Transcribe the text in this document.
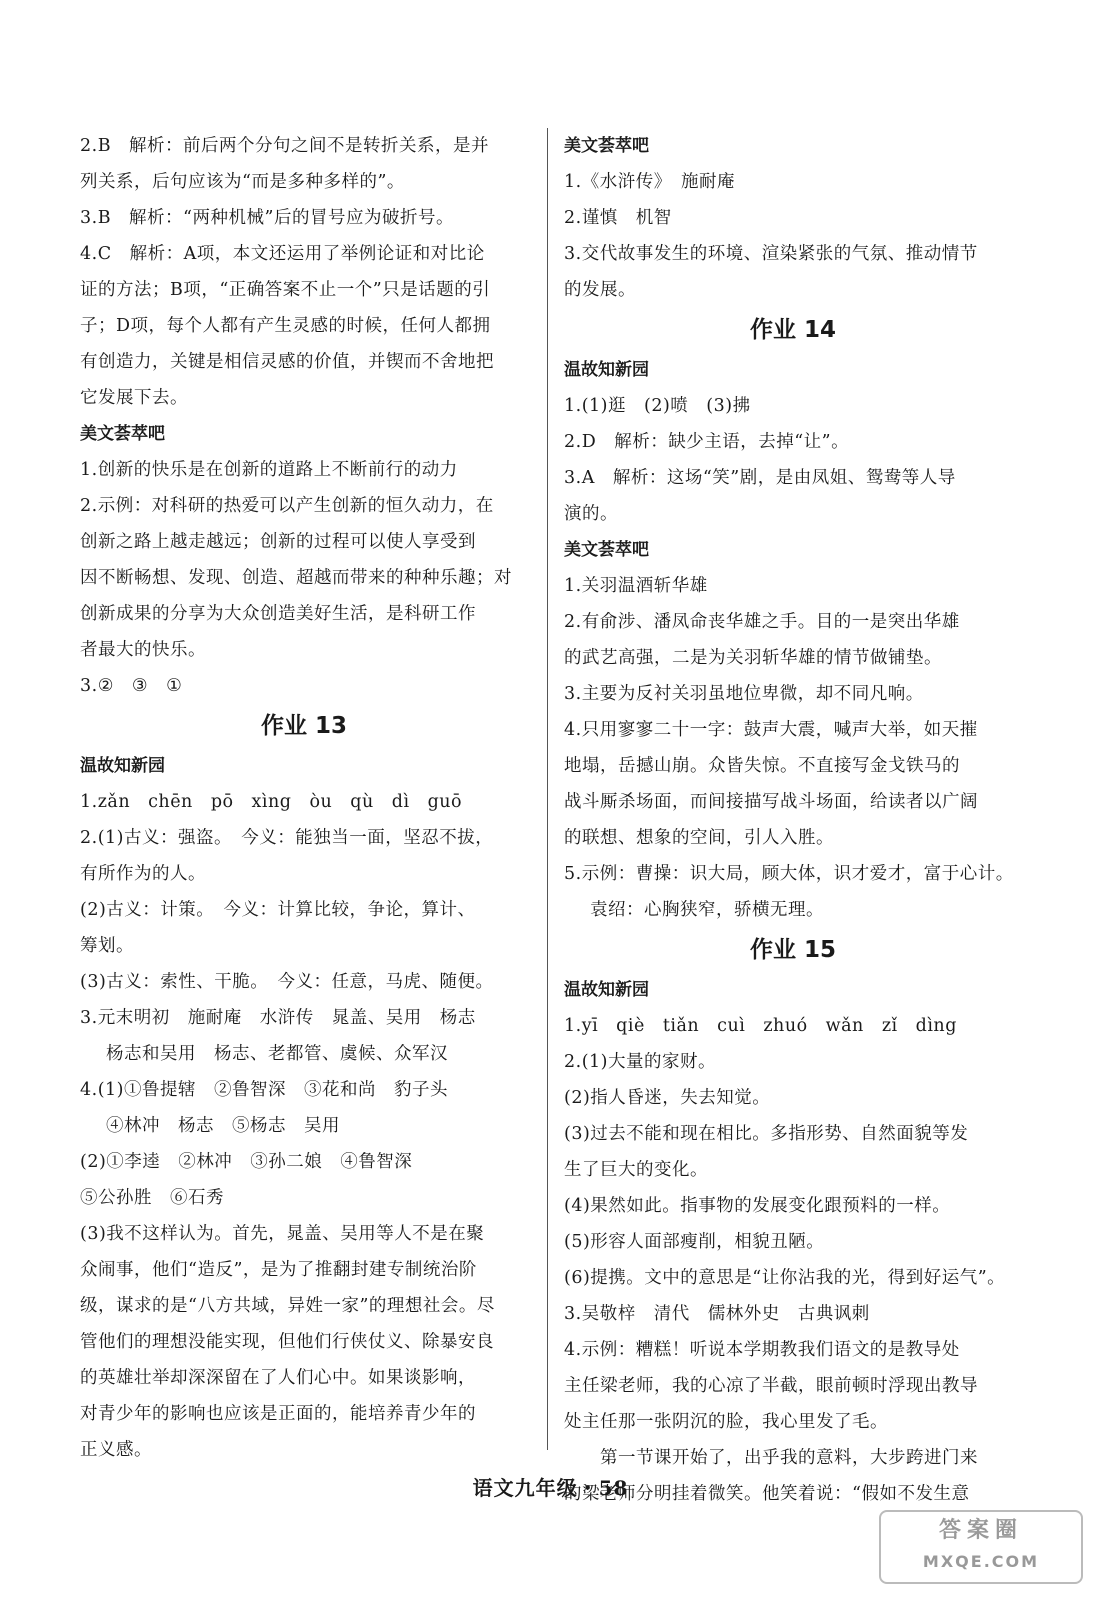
2.B　解析：前后两个分句之间不是转折关系，是并
列关系，后句应该为“而是多种多样的”。
3.B　解析：“两种机械”后的冒号应为破折号。
4.C　解析：A项，本文还运用了举例论证和对比论
证的方法；B项，“正确答案不止一个”只是话题的引
子；D项，每个人都有产生灵感的时候，任何人都拥
有创造力，关键是相信灵感的价值，并锲而不舍地把
它发展下去。
美文荟萃吧
1.创新的快乐是在创新的道路上不断前行的动力
2.示例：对科研的热爱可以产生创新的恒久动力，在
创新之路上越走越远；创新的过程可以使人享受到
因不断畅想、发现、创造、超越而带来的种种乐趣；对
创新成果的分享为大众创造美好生活，是科研工作
者最大的快乐。
3.②　③　①
作业 13
温故知新园
1.zǎn　chēn　pō　xìng　òu　qù　dì　guō
2.(1)古义：强盗。　今义：能独当一面，坚忍不拔，
有所作为的人。
(2)古义：计策。　今义：计算比较，争论，算计、
筹划。
(3)古义：索性、干脆。　今义：任意，马虎、随便。
3.元末明初　施耐庵　水浒传　晁盖、吴用　杨志
杨志和吴用　杨志、老都管、虞候、众军汉
4.(1)①鲁提辖　②鲁智深　③花和尚　豹子头
④林冲　杨志　⑤杨志　吴用
(2)①李逵　②林冲　③孙二娘　④鲁智深
⑤公孙胜　⑥石秀
(3)我不这样认为。首先，晁盖、吴用等人不是在聚
众闹事，他们“造反”，是为了推翻封建专制统治阶
级，谋求的是“八方共域，异姓一家”的理想社会。尽
管他们的理想没能实现，但他们行侠仗义、除暴安良
的英雄壮举却深深留在了人们心中。如果谈影响，
对青少年的影响也应该是正面的，能培养青少年的
正义感。
美文荟萃吧
1.《水浒传》　施耐庵
2.谨慎　机智
3.交代故事发生的环境、渲染紧张的气氛、推动情节
的发展。
作业 14
温故知新园
1.(1)逛　(2)喷　(3)拂
2.D　解析：缺少主语，去掉“让”。
3.A　解析：这场“笑”剧，是由凤姐、鸳鸯等人导
演的。
美文荟萃吧
1.关羽温酒斩华雄
2.有俞涉、潘凤命丧华雄之手。目的一是突出华雄
的武艺高强，二是为关羽斩华雄的情节做铺垫。
3.主要为反衬关羽虽地位卑微，却不同凡响。
4.只用寥寥二十一字：鼓声大震，喊声大举，如天摧
地塌，岳撼山崩。众皆失惊。不直接写金戈铁马的
战斗厮杀场面，而间接描写战斗场面，给读者以广阔
的联想、想象的空间，引人入胜。
5.示例：曹操：识大局，顾大体，识才爱才，富于心计。
袁绍：心胸狭窄，骄横无理。
作业 15
温故知新园
1.yī　qiè　tiǎn　cuì　zhuó　wǎn　zǐ　dìng
2.(1)大量的家财。
(2)指人昏迷，失去知觉。
(3)过去不能和现在相比。多指形势、自然面貌等发
生了巨大的变化。
(4)果然如此。指事物的发展变化跟预料的一样。
(5)形容人面部瘦削，相貌丑陋。
(6)提携。文中的意思是“让你沾我的光，得到好运气”。
3.吴敬梓　清代　儒林外史　古典讽刺
4.示例：糟糕！听说本学期教我们语文的是教导处
主任梁老师，我的心凉了半截，眼前顿时浮现出教导
处主任那一张阴沉的脸，我心里发了毛。
第一节课开始了，出乎我的意料，大步跨进门来
的梁老师分明挂着微笑。他笑着说：“假如不发生意
语文九年级・58
答案圈
MXQE.COM
